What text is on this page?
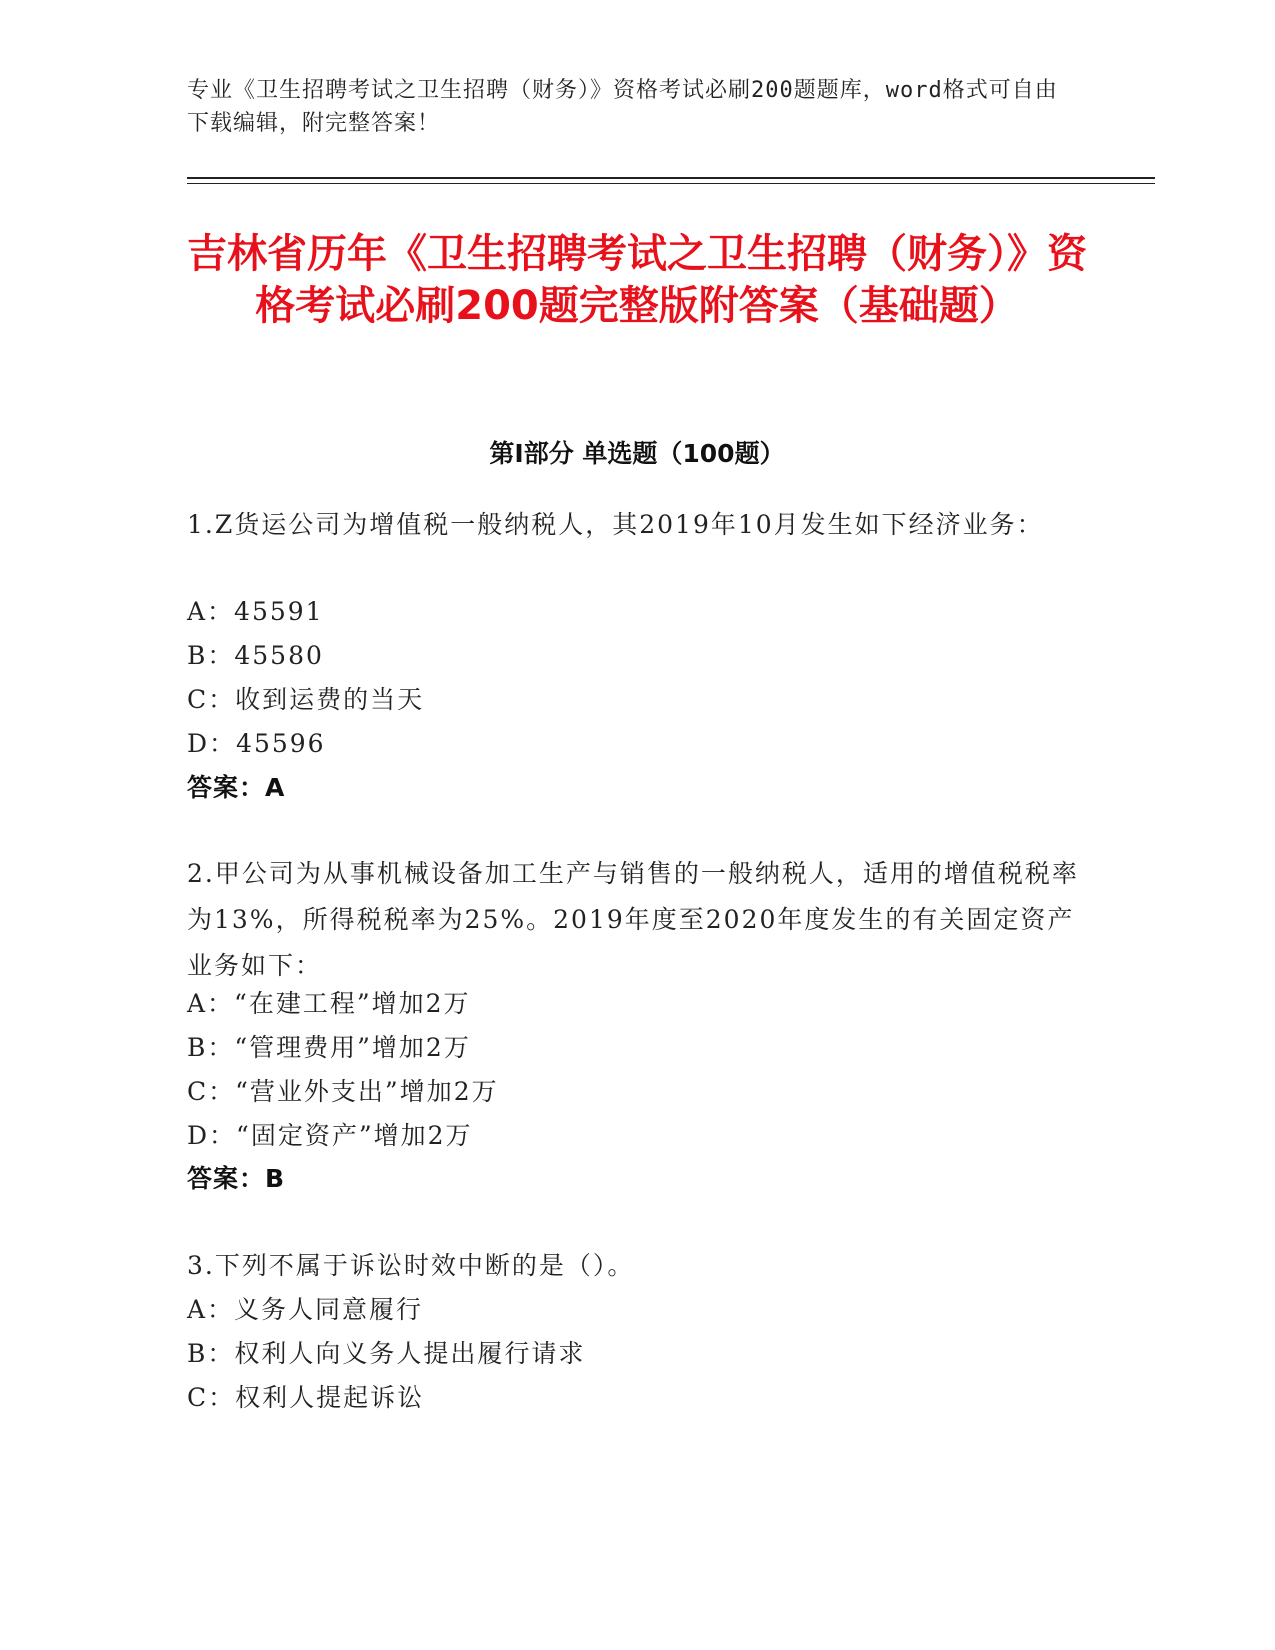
专业《卫生招聘考试之卫生招聘（财务）》资格考试必刷200题题库，word格式可自由下载编辑，附完整答案！
吉林省历年《卫生招聘考试之卫生招聘（财务）》资格考试必刷200题完整版附答案（基础题）
第Ⅰ部分 单选题（100题）
1.Z货运公司为增值税一般纳税人，其2019年10月发生如下经济业务：
A：45591
B：45580
C：收到运费的当天
D：45596
答案：A
2.甲公司为从事机械设备加工生产与销售的一般纳税人，适用的增值税税率为13%，所得税税率为25%。2019年度至2020年度发生的有关固定资产业务如下：
A：“在建工程”增加2万
B：“管理费用”增加2万
C：“营业外支出”增加2万
D：“固定资产”增加2万
答案：B
3.下列不属于诉讼时效中断的是（）。
A：义务人同意履行
B：权利人向义务人提出履行请求
C：权利人提起诉讼
